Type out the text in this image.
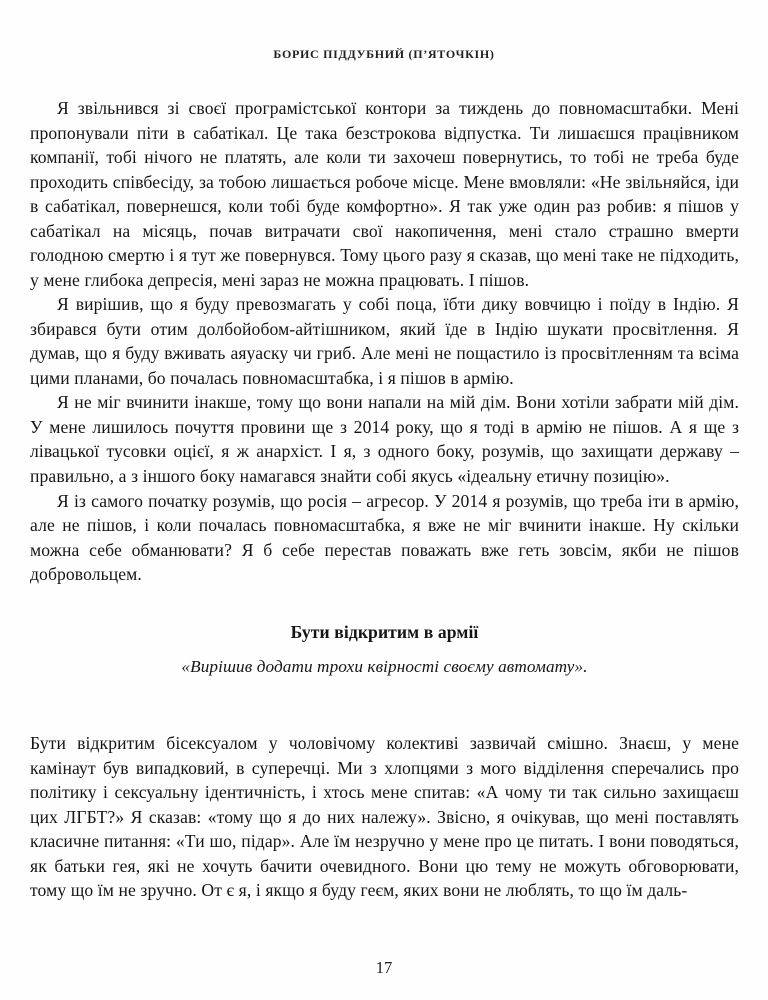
БОРИС ПІДДУБНИЙ (П’ЯТОЧКІН)

Я звільнився зі своєї програмістської контори за тиждень до повномасштабки. Мені пропонували піти в сабатікал. Це така безстрокова відпустка. Ти лишаєшся працівником компанії, тобі нічого не платять, але коли ти захочеш повернутись, то тобі не треба буде проходить співбесіду, за тобою лишається робоче місце. Мене вмовляли: «Не звільняйся, іди в сабатікал, повернешся, коли тобі буде комфортно». Я так уже один раз робив: я пішов у сабатікал на місяць, почав витрачати свої накопичення, мені стало страшно вмерти голодною смертю і я тут же повернувся. Тому цього разу я сказав, що мені таке не підходить, у мене глибока депресія, мені зараз не можна працювать. І пішов.

Я вирішив, що я буду превозмагать у собі поца, їбти дику вовчицю і поїду в Індію. Я збирався бути отим долбойобом-айтішником, який їде в Індію шукати просвітлення. Я думав, що я буду вживать аяуаску чи гриб. Але мені не пощастило із просвітленням та всіма цими планами, бо почалась повномасштабка, і я пішов в армію.

Я не міг вчинити інакше, тому що вони напали на мій дім. Вони хотіли забрати мій дім. У мене лишилось почуття провини ще з 2014 року, що я тоді в армію не пішов. А я ще з лівацької тусовки оцієї, я ж анархіст. І я, з одного боку, розумів, що захищати державу – правильно, а з іншого боку намагався знайти собі якусь «ідеальну етичну позицію».

Я із самого початку розумів, що росія – агресор. У 2014 я розумів, що треба іти в армію, але не пішов, і коли почалась повномасштабка, я вже не міг вчинити інакше. Ну скільки можна себе обманювати? Я б себе перестав поважать вже геть зовсім, якби не пішов добровольцем.

Бути відкритим в армії

«Вирішив додати трохи квірності своєму автомату».

Бути відкритим бісексуалом у чоловічому колективі зазвичай смішно. Знаєш, у мене камінаут був випадковий, в суперечці. Ми з хлопцями з мого відділення сперечались про політику і сексуальну ідентичність, і хтось мене спитав: «А чому ти так сильно захищаєш цих ЛГБТ?» Я сказав: «тому що я до них належу». Звісно, я очікував, що мені поставлять класичне питання: «Ти шо, підар». Але їм незручно у мене про це питать. І вони поводяться, як батьки гея, які не хочуть бачити очевидного. Вони цю тему не можуть обговорювати, тому що їм не зручно. От є я, і якщо я буду геєм, яких вони не люблять, то що їм даль-

17
